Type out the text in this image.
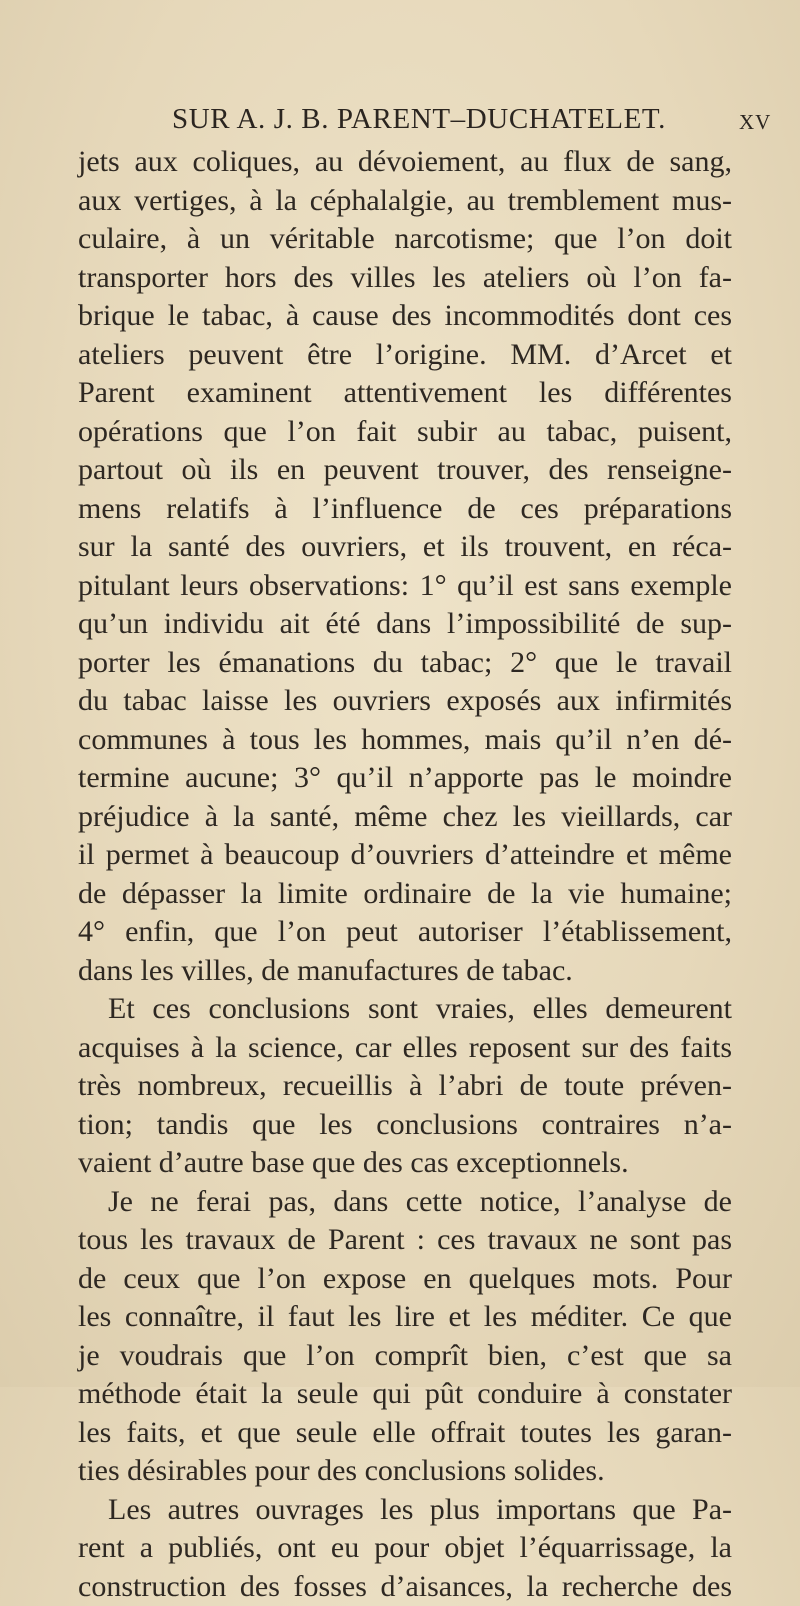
SUR A. J. B. PARENT–DUCHATELET.	XV
jets aux coliques, au dévoiement, au flux de sang,
aux vertiges, à la céphalalgie, au tremblement mus-
culaire, à un véritable narcotisme; que l’on doit
transporter hors des villes les ateliers où l’on fa-
brique le tabac, à cause des incommodités dont ces
ateliers peuvent être l’origine. MM. d’Arcet et
Parent examinent attentivement les différentes
opérations que l’on fait subir au tabac, puisent,
partout où ils en peuvent trouver, des renseigne-
mens relatifs à l’influence de ces préparations
sur la santé des ouvriers, et ils trouvent, en réca-
pitulant leurs observations: 1° qu’il est sans exemple
qu’un individu ait été dans l’impossibilité de sup-
porter les émanations du tabac; 2° que le travail
du tabac laisse les ouvriers exposés aux infirmités
communes à tous les hommes, mais qu’il n’en dé-
termine aucune; 3° qu’il n’apporte pas le moindre
préjudice à la santé, même chez les vieillards, car
il permet à beaucoup d’ouvriers d’atteindre et même
de dépasser la limite ordinaire de la vie humaine;
4° enfin, que l’on peut autoriser l’établissement,
dans les villes, de manufactures de tabac.
Et ces conclusions sont vraies, elles demeurent
acquises à la science, car elles reposent sur des faits
très nombreux, recueillis à l’abri de toute préven-
tion; tandis que les conclusions contraires n’a-
vaient d’autre base que des cas exceptionnels.
Je ne ferai pas, dans cette notice, l’analyse de
tous les travaux de Parent : ces travaux ne sont pas
de ceux que l’on expose en quelques mots. Pour
les connaître, il faut les lire et les méditer. Ce que
je voudrais que l’on comprît bien, c’est que sa
méthode était la seule qui pût conduire à constater
les faits, et que seule elle offrait toutes les garan-
ties désirables pour des conclusions solides.
Les autres ouvrages les plus importans que Pa-
rent a publiés, ont eu pour objet l’équarrissage, la
construction des fosses d’aisances, la recherche des
